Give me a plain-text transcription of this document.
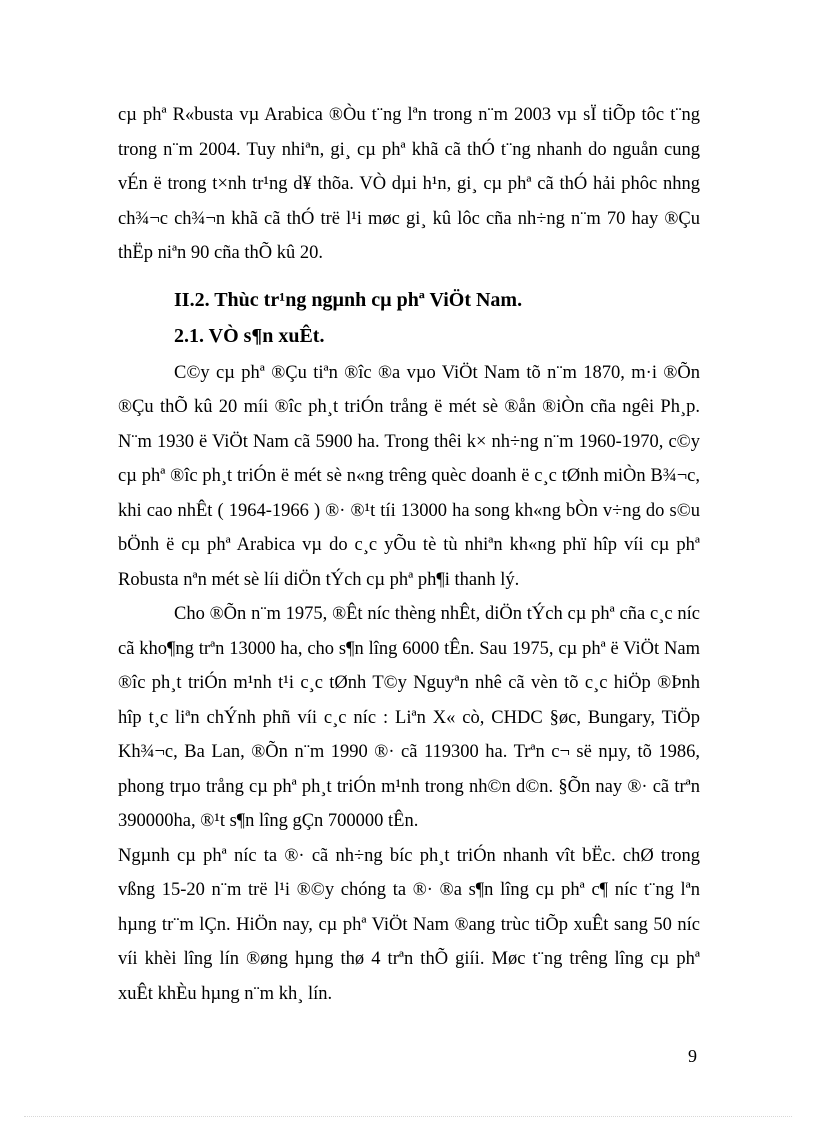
cµ phª R«busta vµ Arabica ®Òu t¨ng lªn trong n¨m 2003 vµ sÏ tiÕp tôc t¨ng trong n¨m 2004. Tuy nhiªn, gi¸ cµ phª khã cã thÓ t¨ng nhanh do nguån cung vÉn ë trong t×nh tr¹ng d¥ thõa. VÒ dµi h¹n, gi¸ cµ phª cã thÓ hải phôc nhng ch¾¬c ch¾¬n khã cã thÓ trë l¹i møc gi¸ kû lôc cña nh÷ng n¨m 70 hay ®Çu thËp niªn 90 cña thÕ kû 20.

II.2. Thùc tr¹ng ngµnh cµ phª ViÖt Nam.

2.1. VÒ s¶n xuÊt.

C©y cµ phª ®Çu tiªn ®îc ®a vµo ViÖt Nam tõ n¨m 1870, m·i ®Õn ®Çu thÕ kû 20 míi ®îc ph¸t triÓn trång ë mét sè ®ån ®iÒn cña ngêi Ph¸p. N¨m 1930 ë ViÖt Nam cã 5900 ha. Trong thêi k× nh÷ng n¨m 1960-1970, c©y cµ phª ®îc ph¸t triÓn ë mét sè n«ng trêng quèc doanh ë c¸c tØnh miÒn B¾¬c, khi cao nhÊt ( 1964-1966 ) ®· ®¹t tíi 13000 ha song kh«ng bÒn v÷ng do s©u bÖnh ë cµ phª Arabica vµ do c¸c yÕu tè tù nhiªn kh«ng phï hîp víi cµ phª Robusta nªn mét sè líi diÖn tÝch cµ phª ph¶i thanh lý.

Cho ®Õn n¨m 1975, ®Êt níc thèng nhÊt, diÖn tÝch cµ phª cña c¸c níc cã kho¶ng trªn 13000 ha, cho s¶n lîng 6000 tÊn. Sau 1975, cµ phª ë ViÖt Nam ®îc ph¸t triÓn m¹nh t¹i c¸c tØnh T©y Nguyªn nhê cã vèn tõ c¸c hiÖp ®Þnh hîp t¸c liªn chÝnh phñ víi c¸c níc : Liªn X« cò, CHDC §øc, Bungary, TiÖp Kh¾¬c, Ba Lan, ®Õn n¨m 1990 ®· cã 119300 ha. Trªn c¬ së nµy, tõ 1986, phong trµo trång cµ phª ph¸t triÓn m¹nh trong nh©n d©n. §Õn nay ®· cã trªn 390000ha, ®¹t s¶n lîng gÇn 700000 tÊn.

Ngµnh cµ phª níc ta ®· cã nh÷ng bíc ph¸t triÓn nhanh vît bËc. chØ trong vßng 15-20 n¨m trë l¹i ®©y chóng ta ®· ®a s¶n lîng cµ phª c¶ níc t¨ng lªn hµng tr¨m lÇn. HiÖn nay, cµ phª ViÖt Nam ®ang trùc tiÕp xuÊt sang 50 níc víi khèi lîng lín ®øng hµng thø 4 trªn thÕ giíi. Møc t¨ng trêng lîng cµ phª xuÊt khÈu hµng n¨m kh¸ lín.

9
